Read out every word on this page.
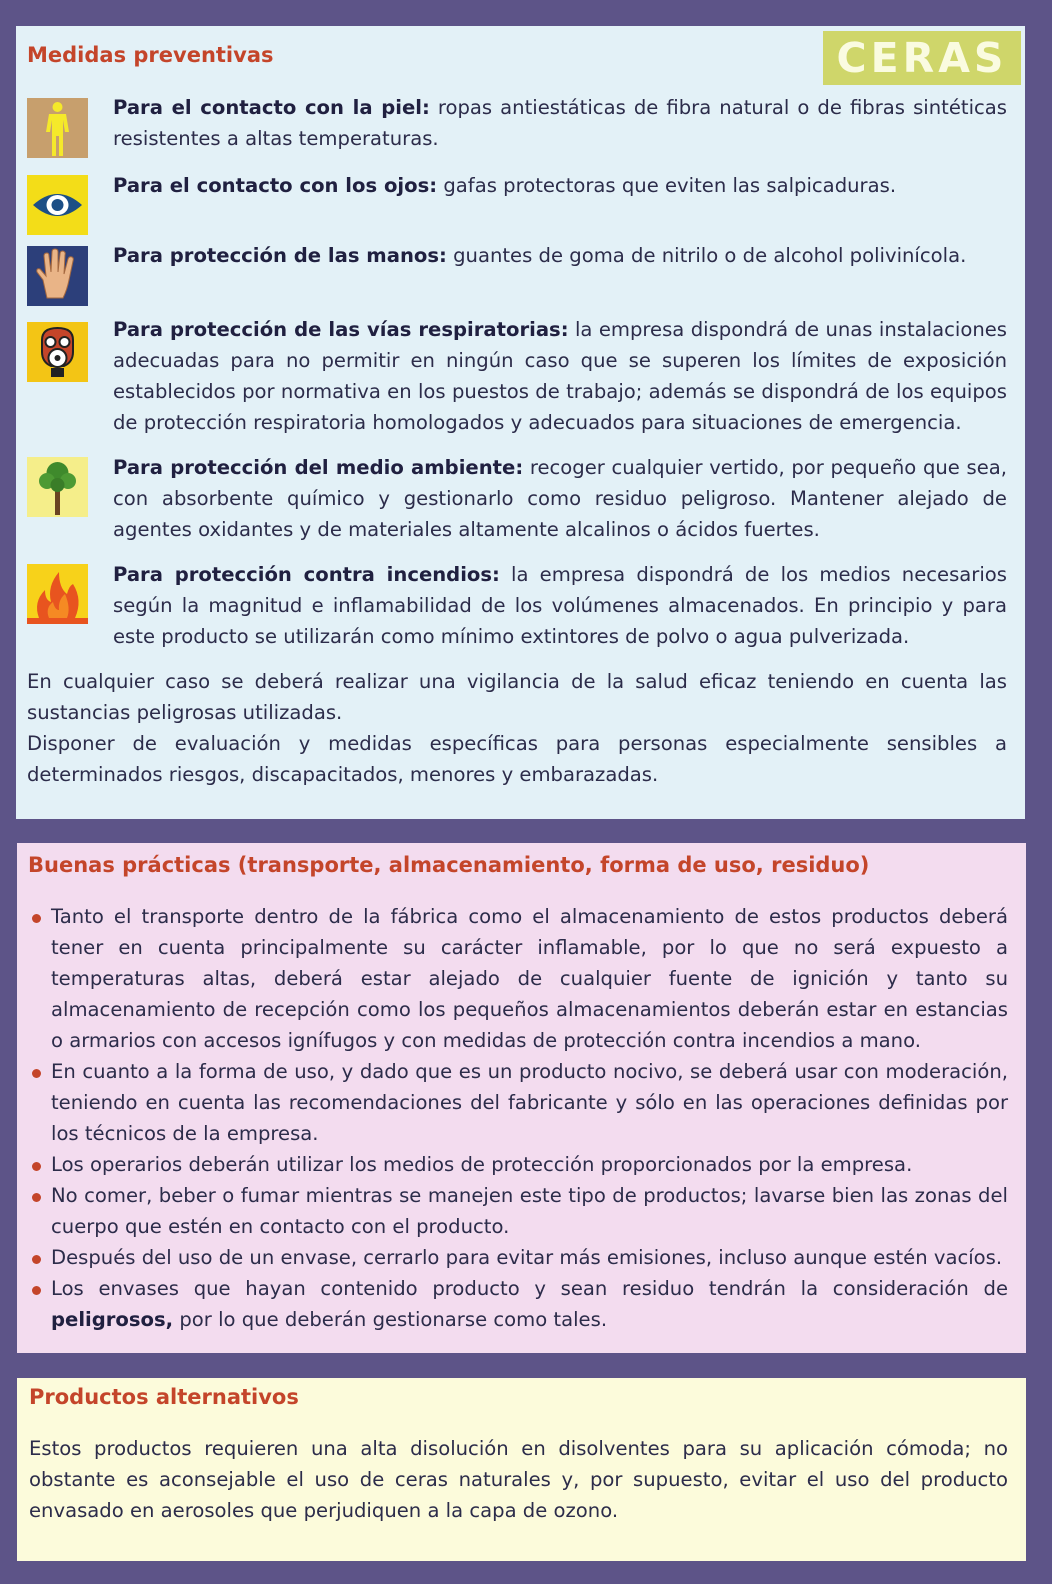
Medidas preventivas	CERAS

Para el contacto con la piel: ropas antiestáticas de fibra natural o de fibras sintéticas resistentes a altas temperaturas.

Para el contacto con los ojos: gafas protectoras que eviten las salpicaduras.

Para protección de las manos: guantes de goma de nitrilo o de alcohol polivinícola.

Para protección de las vías respiratorias: la empresa dispondrá de unas instalaciones adecuadas para no permitir en ningún caso que se superen los límites de exposición establecidos por normativa en los puestos de trabajo; además se dispondrá de los equipos de protección respiratoria homologados y adecuados para situaciones de emergencia.

Para protección del medio ambiente: recoger cualquier vertido, por pequeño que sea, con absorbente químico y gestionarlo como residuo peligroso. Mantener alejado de agentes oxidantes y de materiales altamente alcalinos o ácidos fuertes.

Para protección contra incendios: la empresa dispondrá de los medios necesarios según la magnitud e inflamabilidad de los volúmenes almacenados. En principio y para este producto se utilizarán como mínimo extintores de polvo o agua pulverizada.

En cualquier caso se deberá realizar una vigilancia de la salud eficaz teniendo en cuenta las sustancias peligrosas utilizadas.

Disponer de evaluación y medidas específicas para personas especialmente sensibles a determinados riesgos, discapacitados, menores y embarazadas.

Buenas prácticas (transporte, almacenamiento, forma de uso, residuo)
Tanto el transporte dentro de la fábrica como el almacenamiento de estos productos deberá tener en cuenta principalmente su carácter inflamable, por lo que no será expuesto a temperaturas altas, deberá estar alejado de cualquier fuente de ignición y tanto su almacenamiento de recepción como los pequeños almacenamientos deberán estar en estancias o armarios con accesos ignífugos y con medidas de protección contra incendios a mano.
En cuanto a la forma de uso, y dado que es un producto nocivo, se deberá usar con moderación, teniendo en cuenta las recomendaciones del fabricante y sólo en las operaciones definidas por los técnicos de la empresa.
Los operarios deberán utilizar los medios de protección proporcionados por la empresa.
No comer, beber o fumar mientras se manejen este tipo de productos; lavarse bien las zonas del cuerpo que estén en contacto con el producto.
Después del uso de un envase, cerrarlo para evitar más emisiones, incluso aunque estén vacíos.
Los envases que hayan contenido producto y sean residuo tendrán la consideración de peligrosos, por lo que deberán gestionarse como tales.
Productos alternativos

Estos productos requieren una alta disolución en disolventes para su aplicación cómoda; no obstante es aconsejable el uso de ceras naturales y, por supuesto, evitar el uso del producto envasado en aerosoles que perjudiquen a la capa de ozono.
